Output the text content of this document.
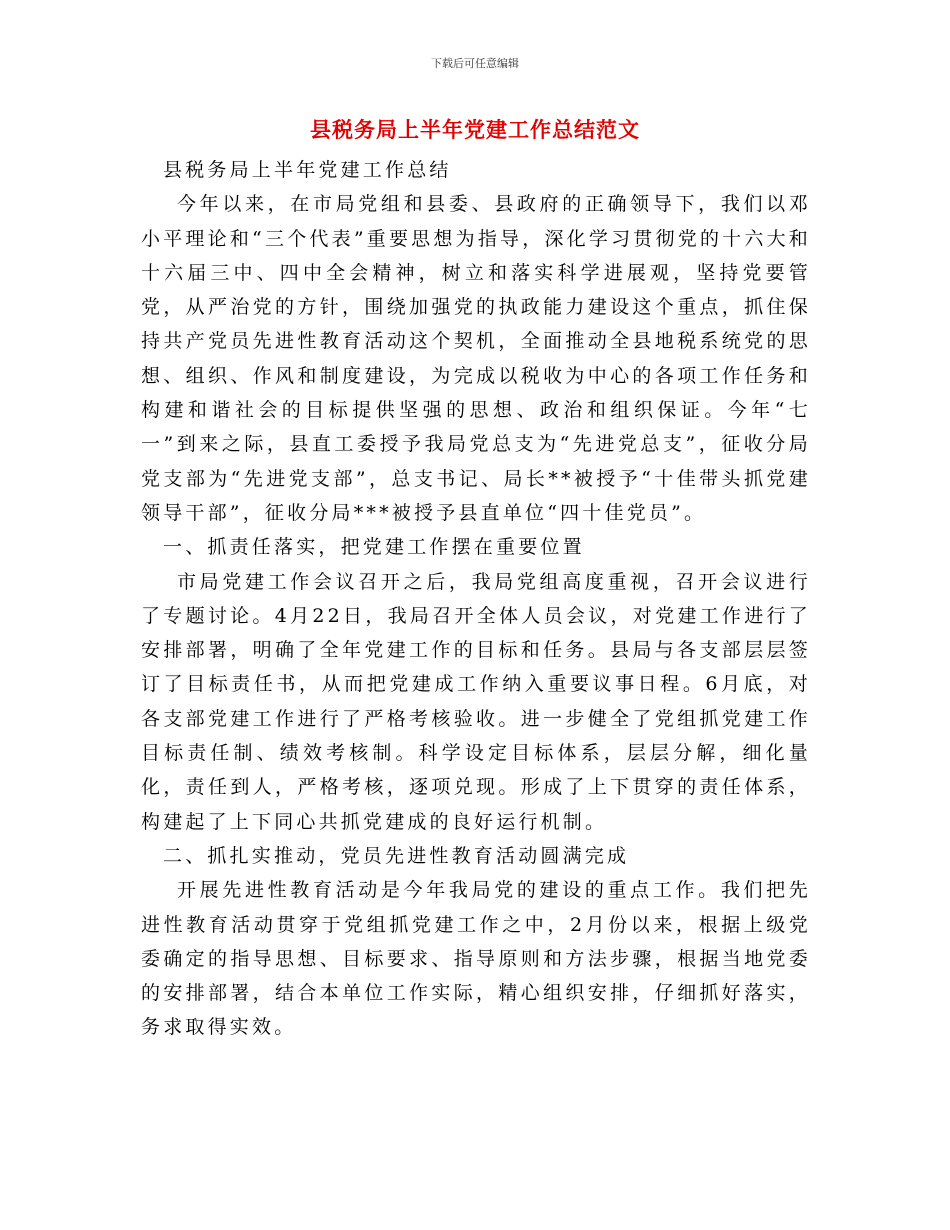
下载后可任意编辑
县税务局上半年党建工作总结范文

县税务局上半年党建工作总结

今年以来，在市局党组和县委、县政府的正确领导下，我们以邓小平理论和“三个代表”重要思想为指导，深化学习贯彻党的十六大和十六届三中、四中全会精神，树立和落实科学进展观，坚持党要管党，从严治党的方针，围绕加强党的执政能力建设这个重点，抓住保持共产党员先进性教育活动这个契机，全面推动全县地税系统党的思想、组织、作风和制度建设，为完成以税收为中心的各项工作任务和构建和谐社会的目标提供坚强的思想、政治和组织保证。今年“七一”到来之际，县直工委授予我局党总支为“先进党总支”，征收分局党支部为“先进党支部”，总支书记、局长**被授予“十佳带头抓党建领导干部”，征收分局***被授予县直单位“四十佳党员”。

一、抓责任落实，把党建工作摆在重要位置

市局党建工作会议召开之后，我局党组高度重视，召开会议进行了专题讨论。4月22日，我局召开全体人员会议，对党建工作进行了安排部署，明确了全年党建工作的目标和任务。县局与各支部层层签订了目标责任书，从而把党建成工作纳入重要议事日程。6月底，对各支部党建工作进行了严格考核验收。进一步健全了党组抓党建工作目标责任制、绩效考核制。科学设定目标体系，层层分解，细化量化，责任到人，严格考核，逐项兑现。形成了上下贯穿的责任体系，构建起了上下同心共抓党建成的良好运行机制。

二、抓扎实推动，党员先进性教育活动圆满完成

开展先进性教育活动是今年我局党的建设的重点工作。我们把先进性教育活动贯穿于党组抓党建工作之中，2月份以来，根据上级党委确定的指导思想、目标要求、指导原则和方法步骤，根据当地党委的安排部署，结合本单位工作实际，精心组织安排，仔细抓好落实，务求取得实效。
